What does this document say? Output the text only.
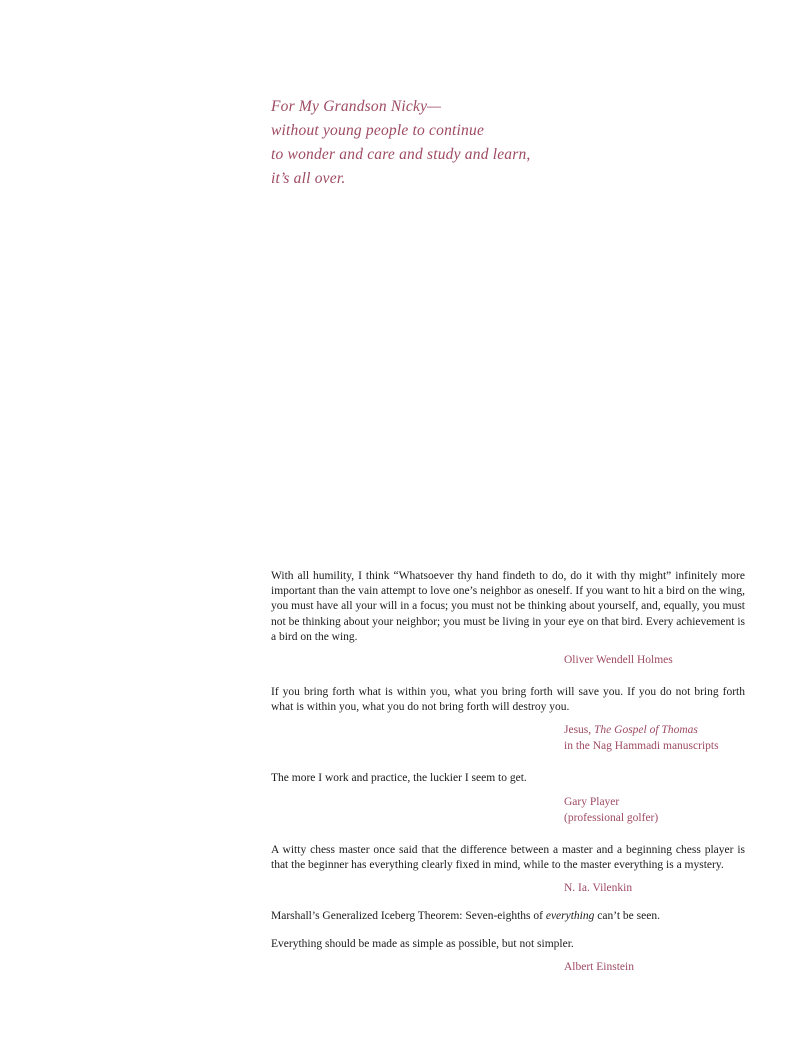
For My Grandson Nicky—
without young people to continue
to wonder and care and study and learn,
it’s all over.

With all humility, I think “Whatsoever thy hand findeth to do, do it with thy might” infinitely more important than the vain attempt to love one’s neighbor as oneself. If you want to hit a bird on the wing, you must have all your will in a focus; you must not be thinking about yourself, and, equally, you must not be thinking about your neighbor; you must be living in your eye on that bird. Every achievement is a bird on the wing.

Oliver Wendell Holmes

If you bring forth what is within you, what you bring forth will save you. If you do not bring forth what is within you, what you do not bring forth will destroy you.

Jesus, The Gospel of Thomas
in the Nag Hammadi manuscripts

The more I work and practice, the luckier I seem to get.

Gary Player
(professional golfer)

A witty chess master once said that the difference between a master and a beginning chess player is that the beginner has everything clearly fixed in mind, while to the master everything is a mystery.

N. Ia. Vilenkin

Marshall’s Generalized Iceberg Theorem: Seven-eighths of everything can’t be seen.

Everything should be made as simple as possible, but not simpler.

Albert Einstein
